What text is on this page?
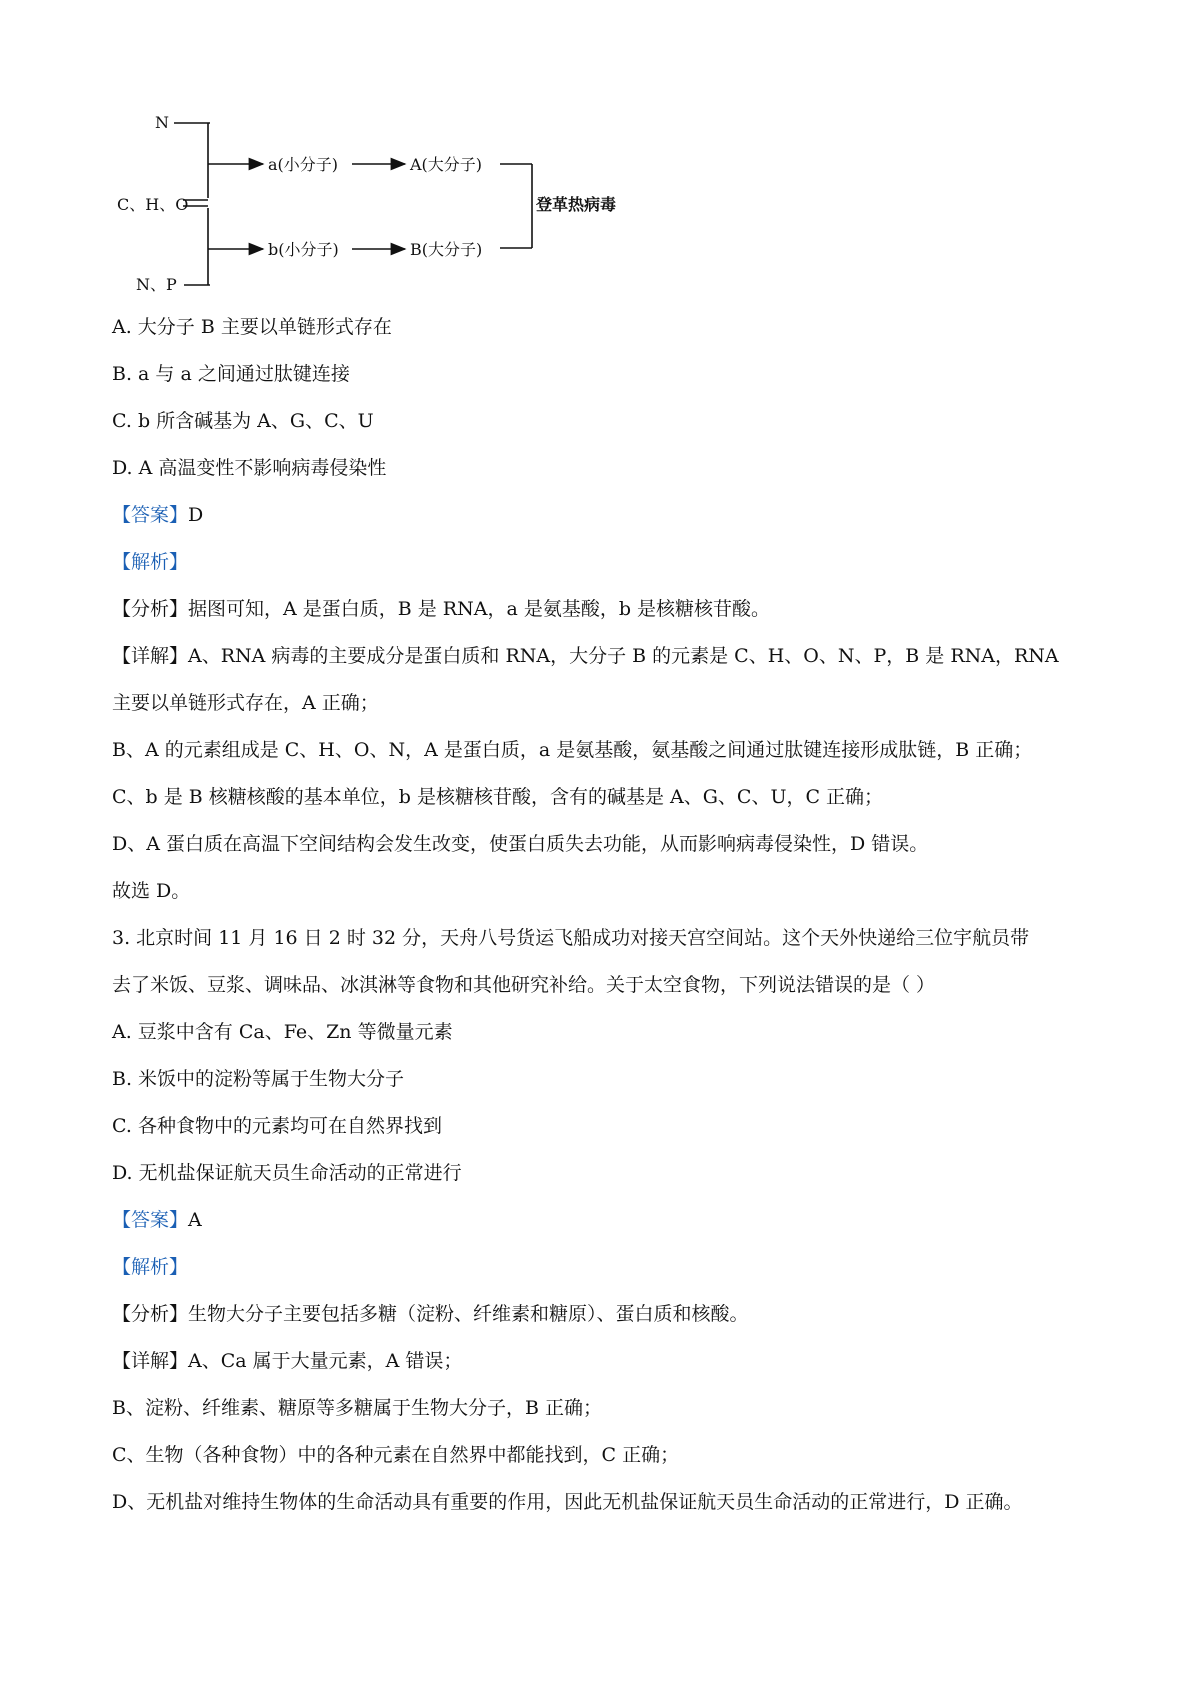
N
C、H、O
N、P
a(小分子)
b(小分子)
A(大分子)
B(大分子)
登革热病毒

A. 大分子 B 主要以单链形式存在

B. a 与 a 之间通过肽键连接

C. b 所含碱基为 A、G、C、U

D. A 高温变性不影响病毒侵染性

【答案】D

【解析】

【分析】据图可知，A 是蛋白质，B 是 RNA，a 是氨基酸，b 是核糖核苷酸。

【详解】A、RNA 病毒的主要成分是蛋白质和 RNA，大分子 B 的元素是 C、H、O、N、P，B 是 RNA，RNA

主要以单链形式存在，A 正确；

B、A 的元素组成是 C、H、O、N，A 是蛋白质，a 是氨基酸，氨基酸之间通过肽键连接形成肽链，B 正确；

C、b 是 B 核糖核酸的基本单位，b 是核糖核苷酸，含有的碱基是 A、G、C、U，C 正确；

D、A 蛋白质在高温下空间结构会发生改变，使蛋白质失去功能，从而影响病毒侵染性，D 错误。

故选 D。

3. 北京时间 11 月 16 日 2 时 32 分，天舟八号货运飞船成功对接天宫空间站。这个天外快递给三位宇航员带

去了米饭、豆浆、调味品、冰淇淋等食物和其他研究补给。关于太空食物，下列说法错误的是（ ）

A. 豆浆中含有 Ca、Fe、Zn 等微量元素

B. 米饭中的淀粉等属于生物大分子

C. 各种食物中的元素均可在自然界找到

D. 无机盐保证航天员生命活动的正常进行

【答案】A

【解析】

【分析】生物大分子主要包括多糖（淀粉、纤维素和糖原）、蛋白质和核酸。

【详解】A、Ca 属于大量元素，A 错误；

B、淀粉、纤维素、糖原等多糖属于生物大分子，B 正确；

C、生物（各种食物）中的各种元素在自然界中都能找到，C 正确；

D、无机盐对维持生物体的生命活动具有重要的作用，因此无机盐保证航天员生命活动的正常进行，D 正确。
